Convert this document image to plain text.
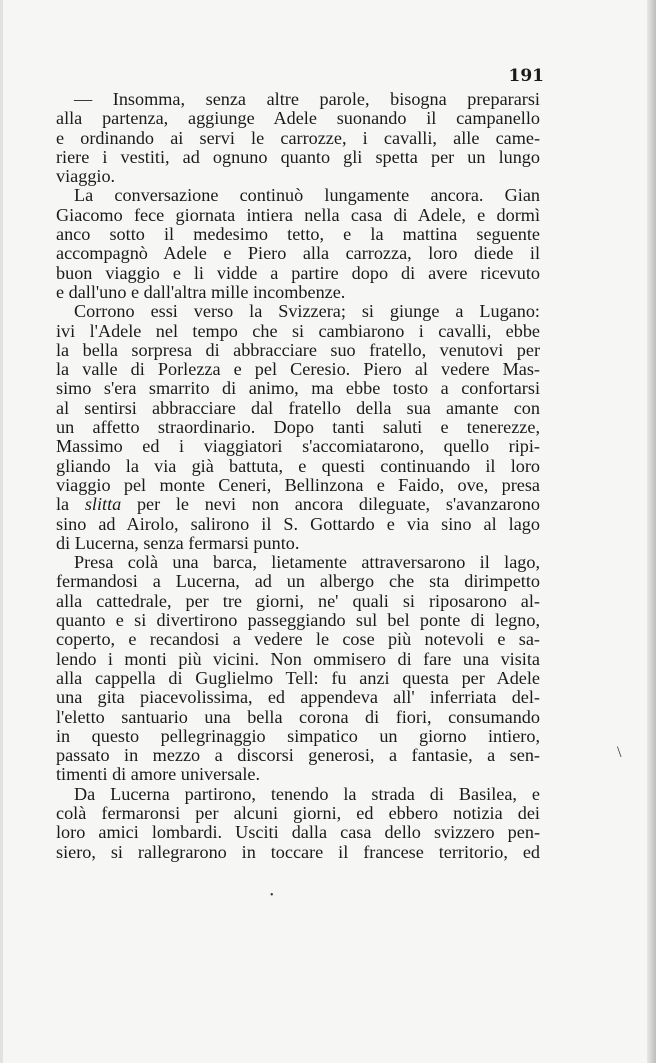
191
— Insomma, senza altre parole, bisogna prepararsi
alla partenza, aggiunge Adele suonando il campanello
e ordinando ai servi le carrozze, i cavalli, alle came-
riere i vestiti, ad ognuno quanto gli spetta per un lungo
viaggio.
La conversazione continuò lungamente ancora. Gian
Giacomo fece giornata intiera nella casa di Adele, e dormì
anco sotto il medesimo tetto, e la mattina seguente
accompagnò Adele e Piero alla carrozza, loro diede il
buon viaggio e li vidde a partire dopo di avere ricevuto
e dall'uno e dall'altra mille incombenze.
Corrono essi verso la Svizzera; si giunge a Lugano:
ivi l'Adele nel tempo che si cambiarono i cavalli, ebbe
la bella sorpresa di abbracciare suo fratello, venutovi per
la valle di Porlezza e pel Ceresio. Piero al vedere Mas-
simo s'era smarrito di animo, ma ebbe tosto a confortarsi
al sentirsi abbracciare dal fratello della sua amante con
un affetto straordinario. Dopo tanti saluti e tenerezze,
Massimo ed i viaggiatori s'accomiatarono, quello ripi-
gliando la via già battuta, e questi continuando il loro
viaggio pel monte Ceneri, Bellinzona e Faido, ove, presa
la slitta per le nevi non ancora dileguate, s'avanzarono
sino ad Airolo, salirono il S. Gottardo e via sino al lago
di Lucerna, senza fermarsi punto.
Presa colà una barca, lietamente attraversarono il lago,
fermandosi a Lucerna, ad un albergo che sta dirimpetto
alla cattedrale, per tre giorni, ne' quali si riposarono al-
quanto e si divertirono passeggiando sul bel ponte di legno,
coperto, e recandosi a vedere le cose più notevoli e sa-
lendo i monti più vicini. Non ommisero di fare una visita
alla cappella di Guglielmo Tell: fu anzi questa per Adele
una gita piacevolissima, ed appendeva all' inferriata del-
l'eletto santuario una bella corona di fiori, consumando
in questo pellegrinaggio simpatico un giorno intiero,
passato in mezzo a discorsi generosi, a fantasie, a sen-
timenti di amore universale.
Da Lucerna partirono, tenendo la strada di Basilea, e
colà fermaronsi per alcuni giorni, ed ebbero notizia dei
loro amici lombardi. Usciti dalla casa dello svizzero pen-
siero, si rallegrarono in toccare il francese territorio, ed
\
•
